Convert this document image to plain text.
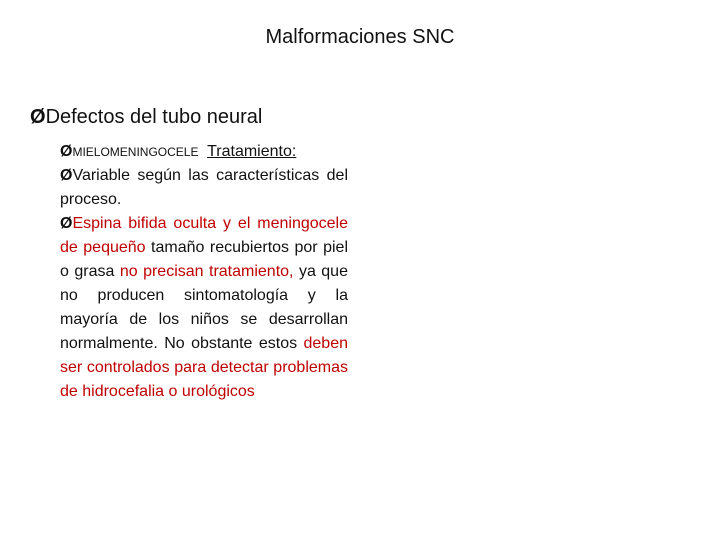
Malformaciones SNC
ØDefectos del tubo neural

ØMIELOMENINGOCELE Tratamiento:

ØVariable según las características del proceso.

ØEspina bifida oculta y el meningocele de pequeño tamaño recubiertos por piel o grasa no precisan tratamiento, ya que no producen sintomatología y la mayoría de los niños se desarrollan normalmente. No obstante estos deben ser controlados para detectar problemas de hidrocefalia o urológicos
